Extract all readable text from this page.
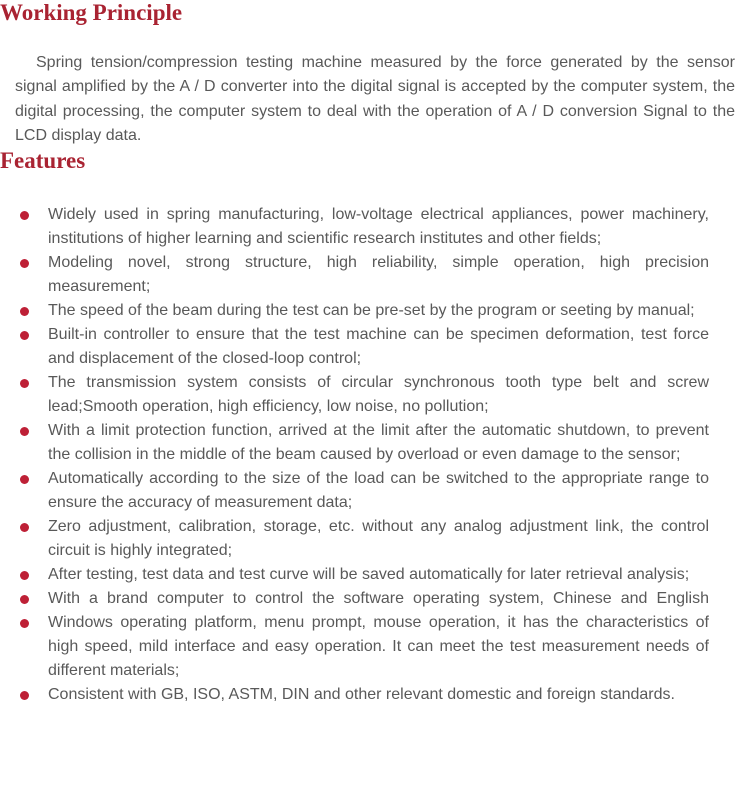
Working Principle

Spring tension/compression testing machine measured by the force generated by the sensor signal amplified by the A / D converter into the digital signal is accepted by the computer system, the digital processing, the computer system to deal with the operation of A / D conversion Signal to the LCD display data.

Features
Widely used in spring manufacturing, low-voltage electrical appliances, power machinery, institutions of higher learning and scientific research institutes and other fields;
Modeling novel, strong structure, high reliability, simple operation, high precision measurement;
The speed of the beam during the test can be pre-set by the program or seeting by manual;
Built-in controller to ensure that the test machine can be specimen deformation, test force and displacement of the closed-loop control;
The transmission system consists of circular synchronous tooth type belt and screw lead;Smooth operation, high efficiency, low noise, no pollution;
With a limit protection function, arrived at the limit after the automatic shutdown, to prevent the collision in the middle of the beam caused by overload or even damage to the sensor;
Automatically according to the size of the load can be switched to the appropriate range to ensure the accuracy of measurement data;
Zero adjustment, calibration, storage, etc. without any analog adjustment link, the control circuit is highly integrated;
After testing, test data and test curve will be saved automatically for later retrieval analysis;
With a brand computer to control the software operating system, Chinese and English
Windows operating platform, menu prompt, mouse operation, it has the characteristics of high speed, mild interface and easy operation. It can meet the test measurement needs of different materials;
Consistent with GB, ISO, ASTM, DIN and other relevant domestic and foreign standards.
